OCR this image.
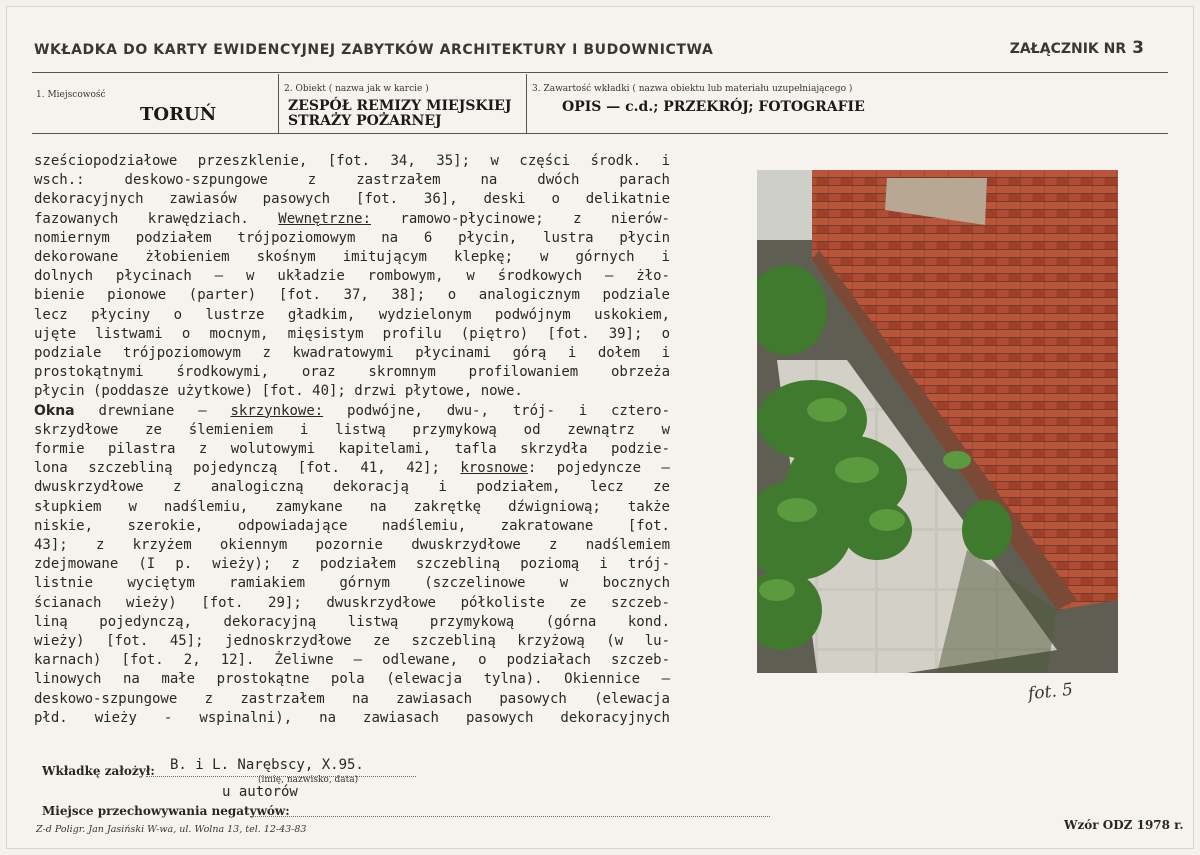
WKŁADKA DO KARTY EWIDENCYJNEJ ZABYTKÓW ARCHITEKTURY I BUDOWNICTWA	ZAŁĄCZNIK NR 3
1. Miejscowość
TORUŃ
2. Obiekt ( nazwa jak w karcie )
ZESPÓŁ REMIZY MIEJSKIEJ
STRAŻY POŻARNEJ
3. Zawartość wkładki ( nazwa obiektu lub materiału uzupełniającego )
OPIS — c.d.; PRZEKRÓJ; FOTOGRAFIE

sześciopodziałowe przeszklenie, [fot. 34, 35]; w części środk. i

wsch.: deskowo-szpungowe z zastrzałem na dwóch parach

dekoracyjnych zawiasów pasowych [fot. 36], deski o delikatnie

fazowanych krawędziach. Wewnętrzne: ramowo-płycinowe; z nierów-

nomiernym podziałem trójpoziomowym na 6 płycin, lustra płycin

dekorowane żłobieniem skośnym imitującym klepkę; w górnych i

dolnych płycinach — w układzie rombowym, w środkowych — żło-

bienie pionowe (parter) [fot. 37, 38]; o analogicznym podziale

lecz płyciny o lustrze gładkim, wydzielonym podwójnym uskokiem,

ujęte listwami o mocnym, mięsistym profilu (piętro) [fot. 39]; o

podziale trójpoziomowym z kwadratowymi płycinami górą i dołem i

prostokątnymi środkowymi, oraz skromnym profilowaniem obrzeża

płycin (poddasze użytkowe) [fot. 40]; drzwi płytowe, nowe.

Okna drewniane — skrzynkowe: podwójne, dwu-, trój- i cztero-

skrzydłowe ze ślemieniem i listwą przymykową od zewnątrz w

formie pilastra z wolutowymi kapitelami, tafla skrzydła podzie-

lona szczebliną pojedynczą [fot. 41, 42]; krosnowe: pojedyncze —

dwuskrzydłowe z analogiczną dekoracją i podziałem, lecz ze

słupkiem w nadślemiu, zamykane na zakrętkę dźwigniową; także

niskie, szerokie, odpowiadające nadślemiu, zakratowane [fot.

43]; z krzyżem okiennym pozornie dwuskrzydłowe z nadślemiem

zdejmowane (I p. wieży); z podziałem szczebliną poziomą i trój-

listnie wyciętym ramiakiem górnym (szczelinowe w bocznych

ścianach wieży) [fot. 29]; dwuskrzydłowe półkoliste ze szczeb-

liną pojedynczą, dekoracyjną listwą przymykową (górna kond.

wieży) [fot. 45]; jednoskrzydłowe ze szczebliną krzyżową (w lu-

karnach) [fot. 2, 12]. Żeliwne — odlewane, o podziałach szczeb-

linowych na małe prostokątne pola (elewacja tylna). Okiennice —

deskowo-szpungowe z zastrzałem na zawiasach pasowych (elewacja

płd. wieży - wspinalni), na zawiasach pasowych dekoracyjnych

fot. 5
Wkładkę założył: B. i L. Narębscy, X.95.
(imię, nazwisko, data)
u autorów
Miejsce przechowywania negatywów:
Z-d Poligr. Jan Jasiński W-wa, ul. Wolna 13, tel. 12-43-83	Wzór ODZ 1978 r.
